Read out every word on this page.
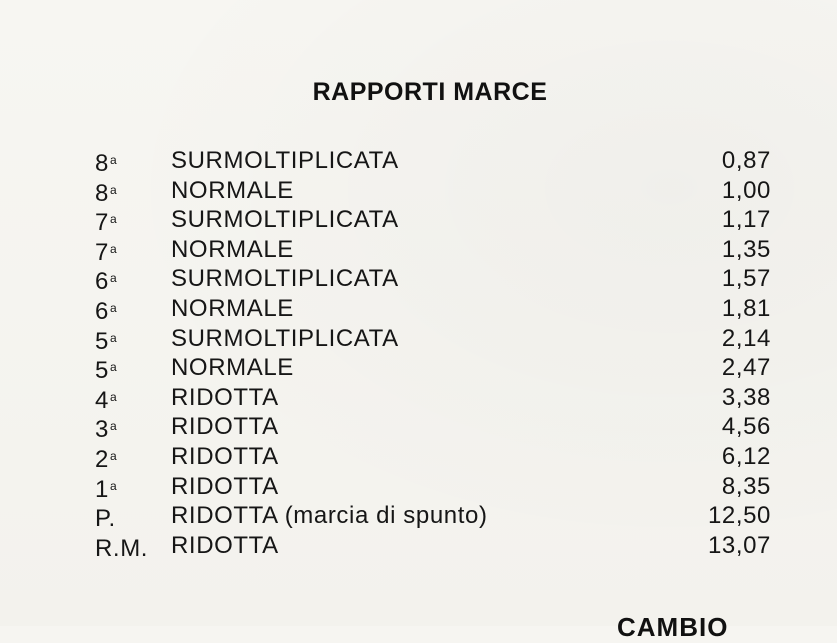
RAPPORTI MARCE
8$^a$ SURMOLTIPLICATA	0,87
8$^a$ NORMALE	1,00
7$^a$ SURMOLTIPLICATA	1,17
7$^a$ NORMALE	1,35
6$^a$ SURMOLTIPLICATA	1,57
6$^a$ NORMALE	1,81
5$^a$ SURMOLTIPLICATA	2,14
5$^a$ NORMALE	2,47
4$^a$ RIDOTTA	3,38
3$^a$ RIDOTTA	4,56
2$^a$ RIDOTTA	6,12
1$^a$ RIDOTTA	8,35
P. RIDOTTA (marcia di spunto)	12,50
R.M. RIDOTTA	13,07
CAMBIO
